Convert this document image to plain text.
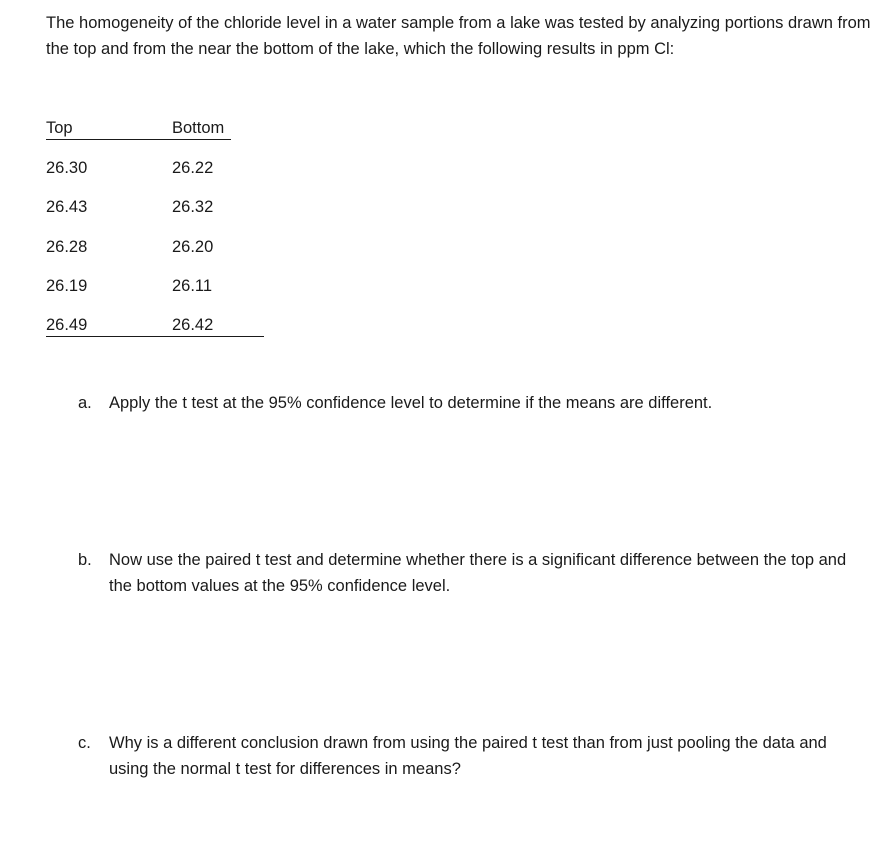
The homogeneity of the chloride level in a water sample from a lake was tested by analyzing portions drawn from the top and from the near the bottom of the lake, which the following results in ppm Cl:

Top	Bottom
26.30	26.22
26.43	26.32
26.28	26.20
26.19	26.11
26.49	26.42
a. Apply the t test at the 95% confidence level to determine if the means are different.
b. Now use the paired t test and determine whether there is a significant difference between the top and the bottom values at the 95% confidence level.
c. Why is a different conclusion drawn from using the paired t test than from just pooling the data and using the normal t test for differences in means?
